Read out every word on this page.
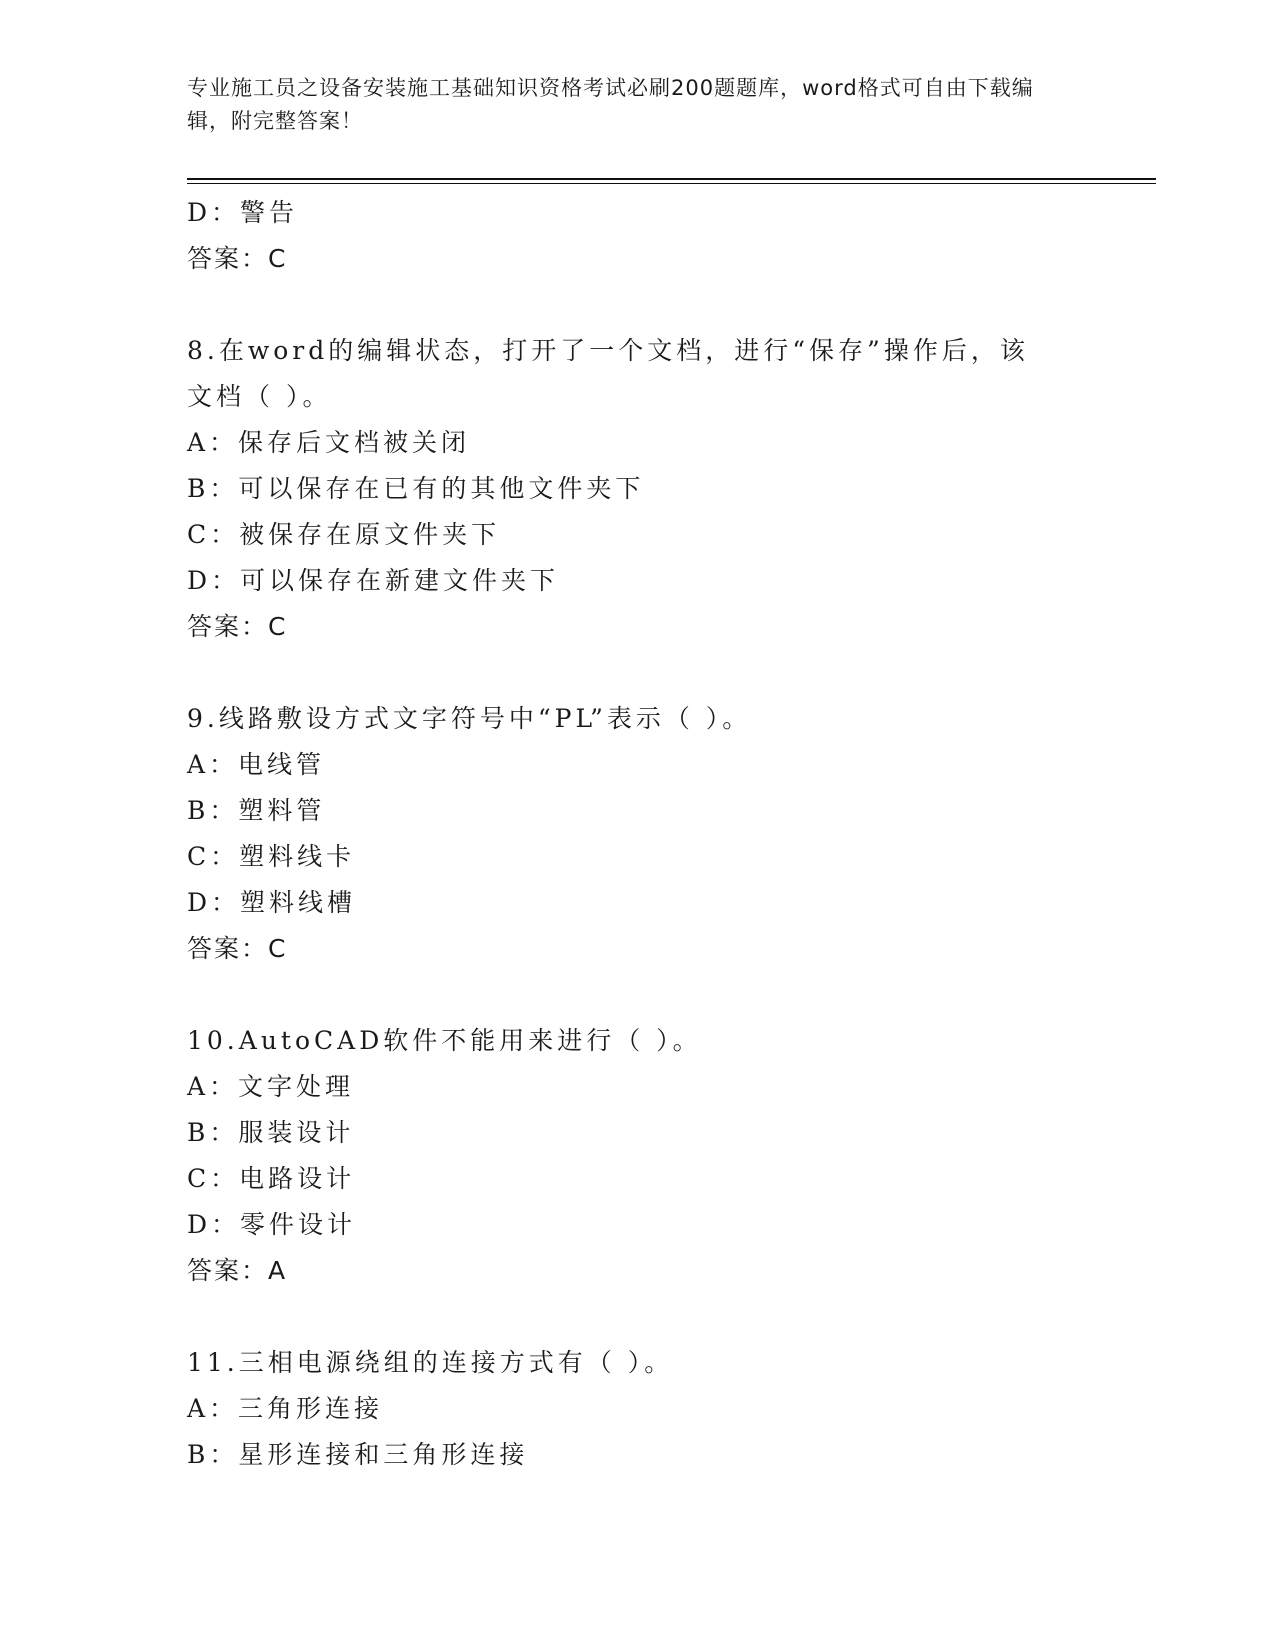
专业施工员之设备安装施工基础知识资格考试必刷200题题库，word格式可自由下载编辑，附完整答案！
D：警告
答案：C
8.在word的编辑状态，打开了一个文档，进行“保存”操作后，该文档（ ）。
A：保存后文档被关闭
B：可以保存在已有的其他文件夹下
C：被保存在原文件夹下
D：可以保存在新建文件夹下
答案：C
9.线路敷设方式文字符号中“PL”表示（ ）。
A：电线管
B：塑料管
C：塑料线卡
D：塑料线槽
答案：C
10.AutoCAD软件不能用来进行（ ）。
A：文字处理
B：服装设计
C：电路设计
D：零件设计
答案：A
11.三相电源绕组的连接方式有（ ）。
A：三角形连接
B：星形连接和三角形连接
